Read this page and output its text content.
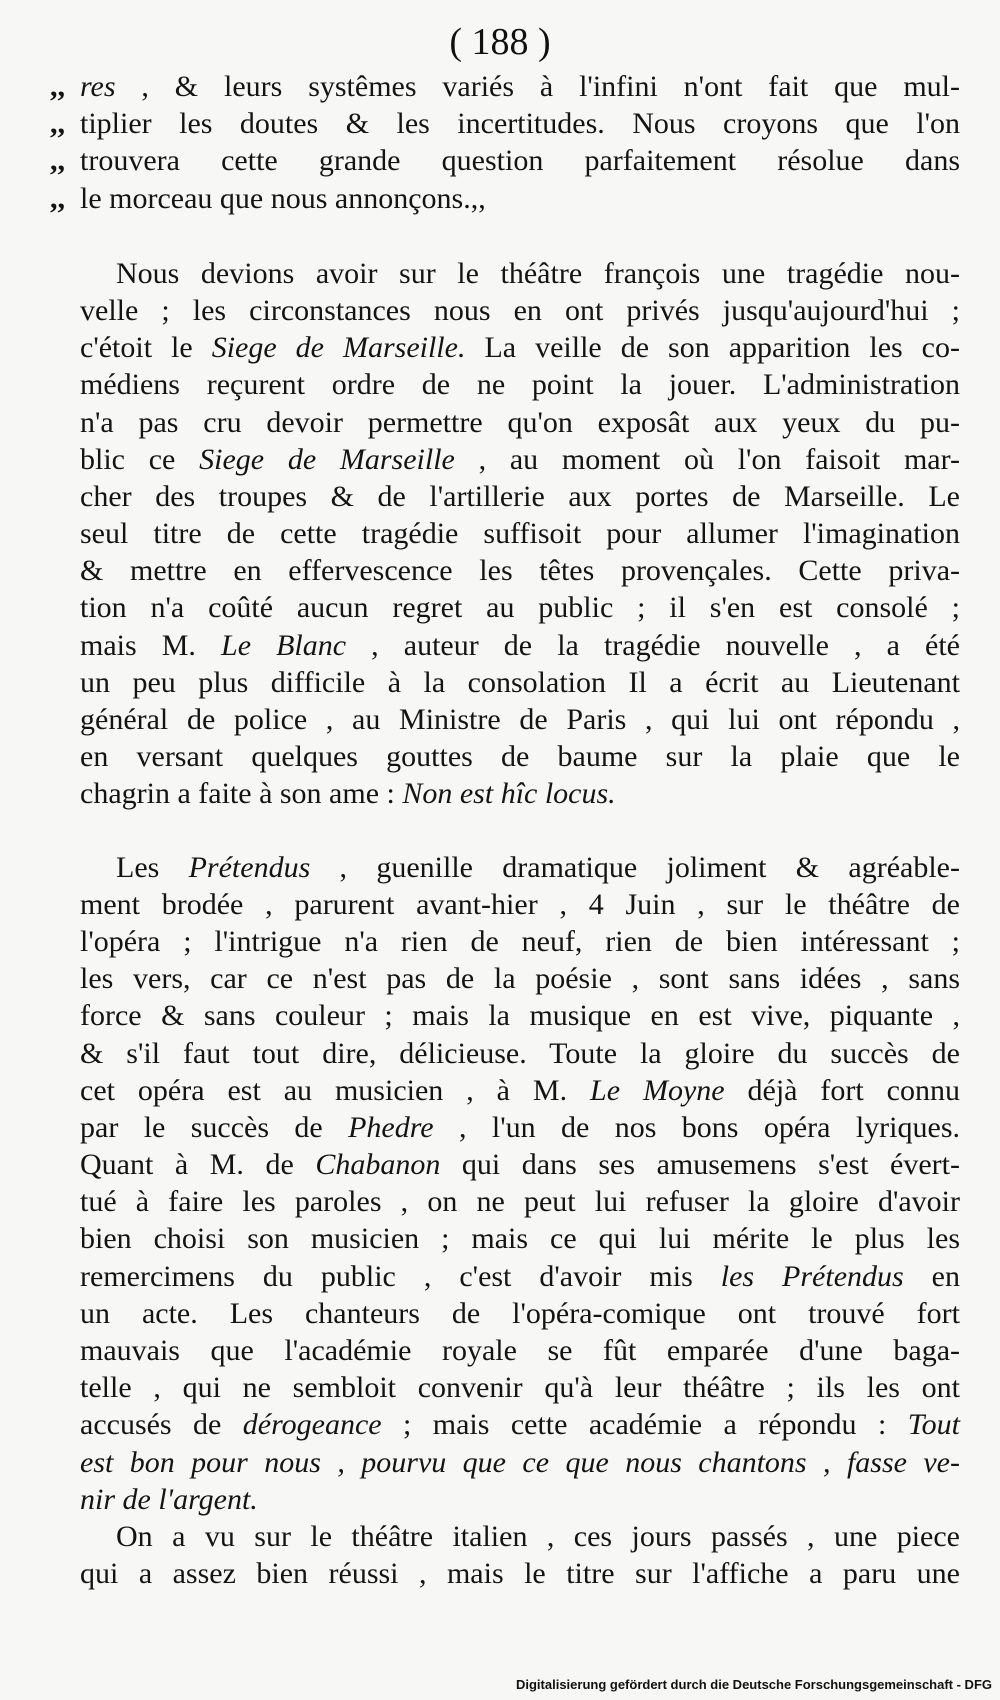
( 188 )
,, res , & leurs systêmes variés à l'infini n'ont fait que mul-
,, tiplier les doutes & les incertitudes. Nous croyons que l'on
,, trouvera cette grande question parfaitement résolue dans
,, le morceau que nous annonçons.,,
Nous devions avoir sur le théâtre françois une tragédie nou-
velle ; les circonstances nous en ont privés jusqu'aujourd'hui ;
c'étoit le Siege de Marseille. La veille de son apparition les co-
médiens reçurent ordre de ne point la jouer. L'administration
n'a pas cru devoir permettre qu'on exposât aux yeux du pu-
blic ce Siege de Marseille , au moment où l'on faisoit mar-
cher des troupes & de l'artillerie aux portes de Marseille. Le
seul titre de cette tragédie suffisoit pour allumer l'imagination
& mettre en effervescence les têtes provençales. Cette priva-
tion n'a coûté aucun regret au public ; il s'en est consolé ;
mais M. Le Blanc , auteur de la tragédie nouvelle , a été
un peu plus difficile à la consolation Il a écrit au Lieutenant
général de police , au Ministre de Paris , qui lui ont répondu ,
en versant quelques gouttes de baume sur la plaie que le
chagrin a faite à son ame : Non est hîc locus.
Les Prétendus , guenille dramatique joliment & agréable-
ment brodée , parurent avant-hier , 4 Juin , sur le théâtre de
l'opéra ; l'intrigue n'a rien de neuf, rien de bien intéressant ;
les vers, car ce n'est pas de la poésie , sont sans idées , sans
force & sans couleur ; mais la musique en est vive, piquante ,
& s'il faut tout dire, délicieuse. Toute la gloire du succès de
cet opéra est au musicien , à M. Le Moyne déjà fort connu
par le succès de Phedre , l'un de nos bons opéra lyriques.
Quant à M. de Chabanon qui dans ses amusemens s'est évert-
tué à faire les paroles , on ne peut lui refuser la gloire d'avoir
bien choisi son musicien ; mais ce qui lui mérite le plus les
remercimens du public , c'est d'avoir mis les Prétendus en
un acte. Les chanteurs de l'opéra-comique ont trouvé fort
mauvais que l'académie royale se fût emparée d'une baga-
telle , qui ne sembloit convenir qu'à leur théâtre ; ils les ont
accusés de dérogeance ; mais cette académie a répondu : Tout
est bon pour nous , pourvu que ce que nous chantons , fasse ve-
nir de l'argent.
On a vu sur le théâtre italien , ces jours passés , une piece
qui a assez bien réussi , mais le titre sur l'affiche a paru une
Digitalisierung gefördert durch die Deutsche Forschungsgemeinschaft - DFG
